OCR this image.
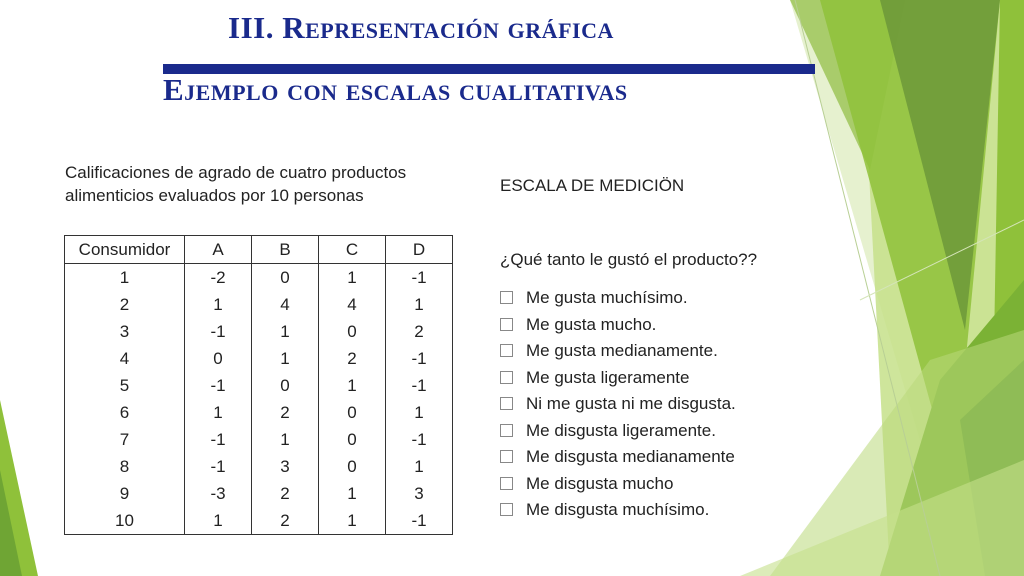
III. Representación gráfica
Ejemplo con escalas cualitativas
Calificaciones de agrado de cuatro productos alimenticios evaluados por 10 personas
Consumidor	A	B	C	D
1	-2	0	1	-1
2	1	4	4	1
3	-1	1	0	2
4	0	1	2	-1
5	-1	0	1	-1
6	1	2	0	1
7	-1	1	0	-1
8	-1	3	0	1
9	-3	2	1	3
10	1	2	1	-1
ESCALA DE MEDICIÖN
¿Qué tanto le gustó el producto??
Me gusta muchísimo.
Me gusta mucho.
Me gusta medianamente.
Me gusta ligeramente
Ni me gusta ni me disgusta.
Me disgusta ligeramente.
Me disgusta medianamente
Me disgusta mucho
Me disgusta muchísimo.
